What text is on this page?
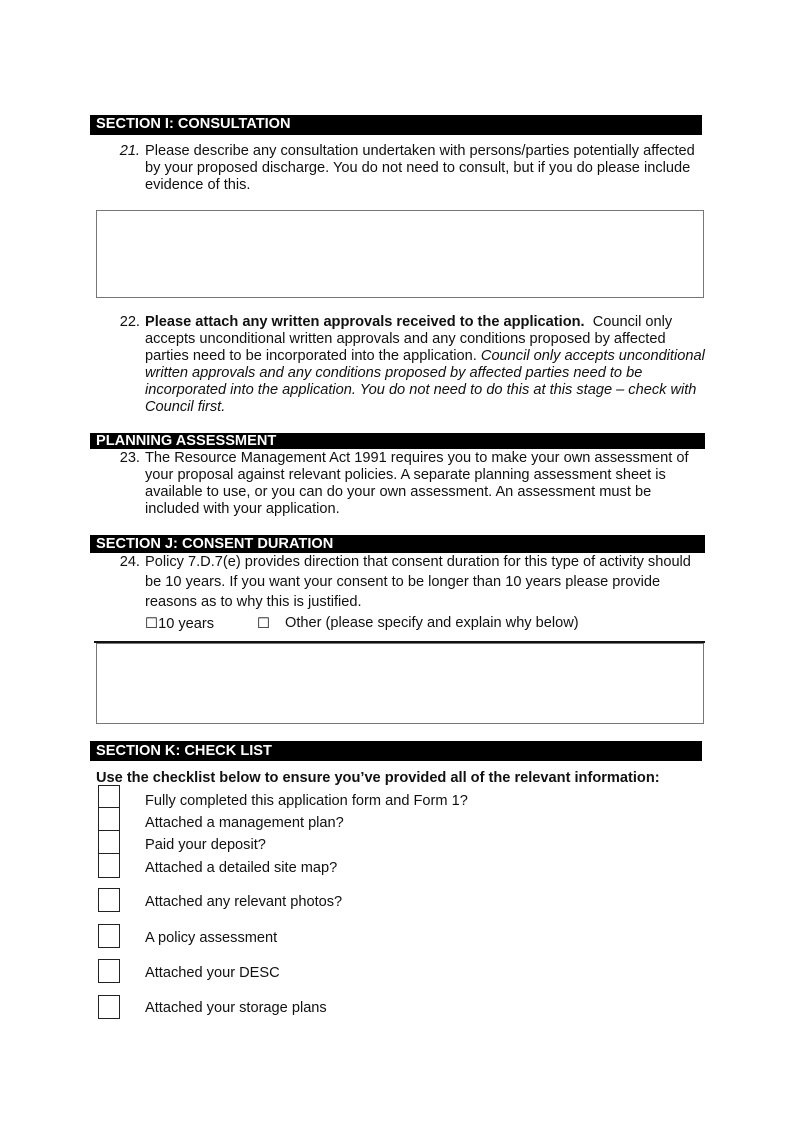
SECTION I: CONSULTATION
21. Please describe any consultation undertaken with persons/parties potentially affected by your proposed discharge. You do not need to consult, but if you do please include evidence of this.
22. Please attach any written approvals received to the application. Council only accepts unconditional written approvals and any conditions proposed by affected parties need to be incorporated into the application. Council only accepts unconditional written approvals and any conditions proposed by affected parties need to be incorporated into the application. You do not need to do this at this stage – check with Council first.
PLANNING ASSESSMENT
23. The Resource Management Act 1991 requires you to make your own assessment of your proposal against relevant policies. A separate planning assessment sheet is available to use, or you can do your own assessment. An assessment must be included with your application.
SECTION J: CONSENT DURATION
24. Policy 7.D.7(e) provides direction that consent duration for this type of activity should be 10 years. If you want your consent to be longer than 10 years please provide reasons as to why this is justified.
☐10 years	☐ Other (please specify and explain why below)
SECTION K: CHECK LIST
Use the checklist below to ensure you’ve provided all of the relevant information:
Fully completed this application form and Form 1?
Attached a management plan?
Paid your deposit?
Attached a detailed site map?
Attached any relevant photos?
A policy assessment
Attached your DESC
Attached your storage plans
